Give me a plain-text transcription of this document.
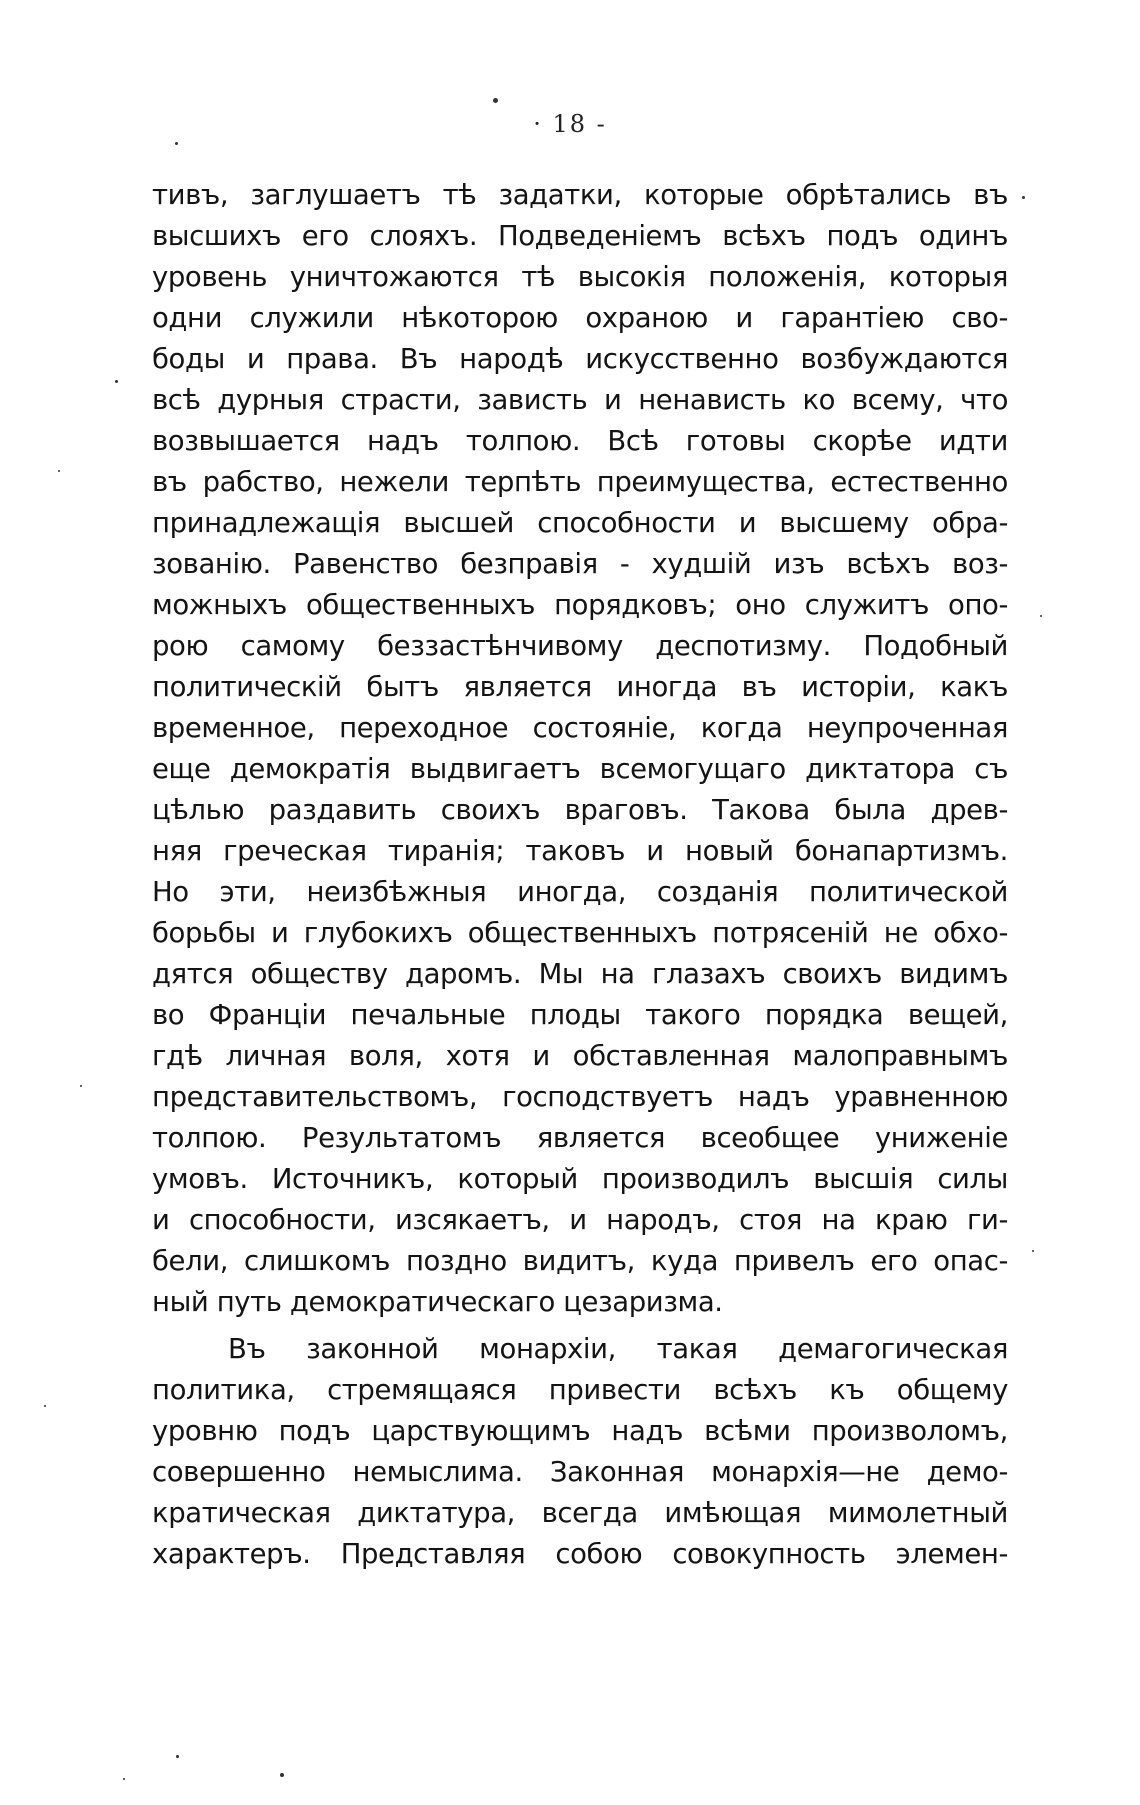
· 18 -
тивъ, заглушаетъ тѣ задатки, которые обрѣтались въ
высшихъ его слояхъ. Подведеніемъ всѣхъ подъ одинъ
уровень уничтожаются тѣ высокія положенія, которыя
одни служили нѣкоторою охраною и гарантіею сво-
боды и права. Въ народѣ искусственно возбуждаются
всѣ дурныя страсти, зависть и ненависть ко всему, что
возвышается надъ толпою. Всѣ готовы скорѣе идти
въ рабство, нежели терпѣть преимущества, естественно
принадлежащія высшей способности и высшему обра-
зованію. Равенство безправія - худшій изъ всѣхъ воз-
можныхъ общественныхъ порядковъ; оно служитъ опо-
рою самому беззастѣнчивому деспотизму. Подобный
политическій бытъ является иногда въ исторіи, какъ
временное, переходное состояніе, когда неупроченная
еще демократія выдвигаетъ всемогущаго диктатора съ
цѣлью раздавить своихъ враговъ. Такова была древ-
няя греческая тиранія; таковъ и новый бонапартизмъ.
Но эти, неизбѣжныя иногда, созданія политической
борьбы и глубокихъ общественныхъ потрясеній не обхо-
дятся обществу даромъ. Мы на глазахъ своихъ видимъ
во Франціи печальные плоды такого порядка вещей,
гдѣ личная воля, хотя и обставленная малоправнымъ
представительствомъ, господствуетъ надъ уравненною
толпою. Результатомъ является всеобщее униженіе
умовъ. Источникъ, который производилъ высшія силы
и способности, изсякаетъ, и народъ, стоя на краю ги-
бели, слишкомъ поздно видитъ, куда привелъ его опас-
ный путь демократическаго цезаризма.
Въ законной монархіи, такая демагогическая
политика, стремящаяся привести всѣхъ къ общему
уровню подъ царствующимъ надъ всѣми произволомъ,
совершенно немыслима. Законная монархія—не демо-
кратическая диктатура, всегда имѣющая мимолетный
характеръ. Представляя собою совокупность элемен-
